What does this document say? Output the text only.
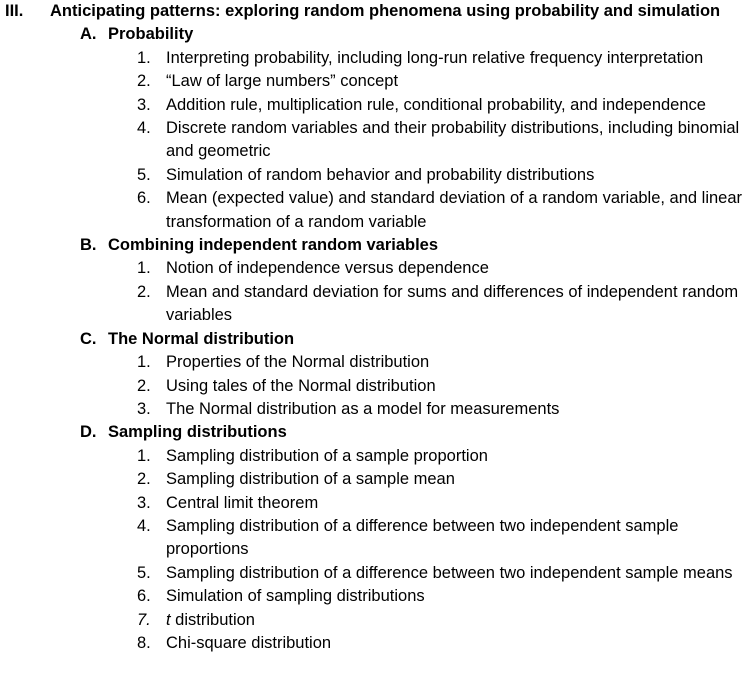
III. Anticipating patterns: exploring random phenomena using probability and simulation
A. Probability
1. Interpreting probability, including long-run relative frequency interpretation
2. “Law of large numbers” concept
3. Addition rule, multiplication rule, conditional probability, and independence
4. Discrete random variables and their probability distributions, including binomial and geometric
5. Simulation of random behavior and probability distributions
6. Mean (expected value) and standard deviation of a random variable, and linear transformation of a random variable
B. Combining independent random variables
1. Notion of independence versus dependence
2. Mean and standard deviation for sums and differences of independent random variables
C. The Normal distribution
1. Properties of the Normal distribution
2. Using tales of the Normal distribution
3. The Normal distribution as a model for measurements
D. Sampling distributions
1. Sampling distribution of a sample proportion
2. Sampling distribution of a sample mean
3. Central limit theorem
4. Sampling distribution of a difference between two independent sample proportions
5. Sampling distribution of a difference between two independent sample means
6. Simulation of sampling distributions
7. t distribution
8. Chi-square distribution
